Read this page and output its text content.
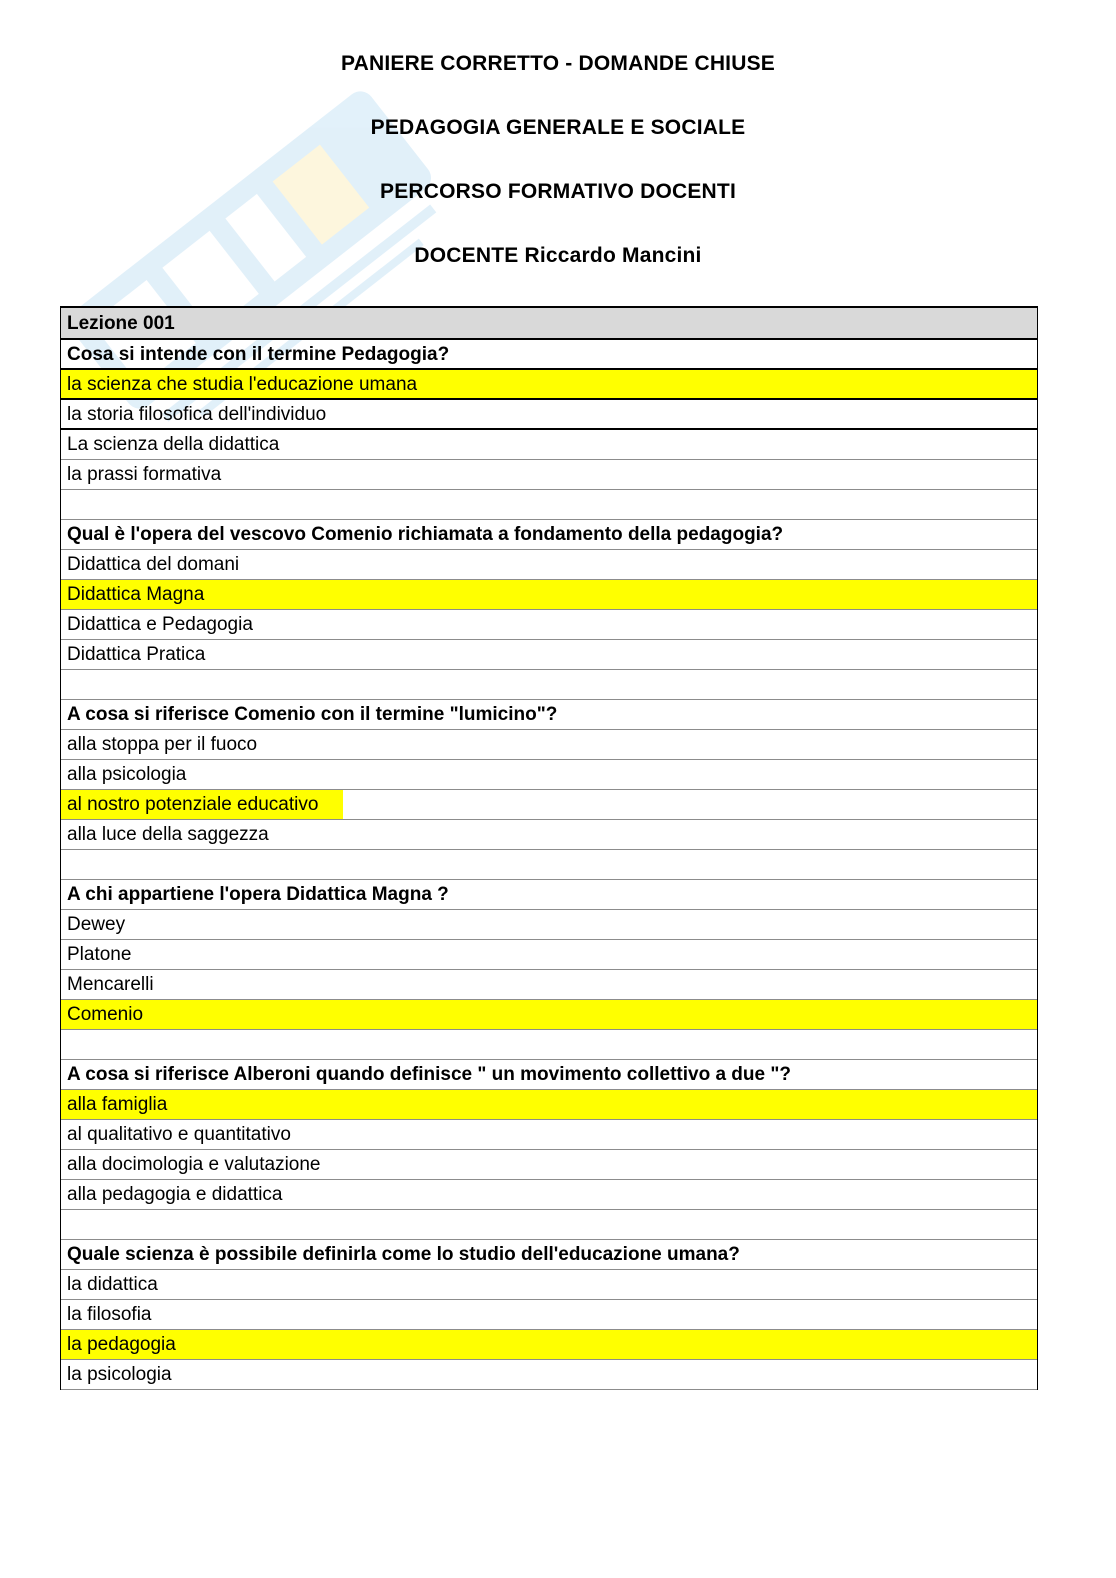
PANIERE CORRETTO - DOMANDE CHIUSE
PEDAGOGIA GENERALE E SOCIALE
PERCORSO FORMATIVO DOCENTI
DOCENTE Riccardo Mancini
Lezione 001
Cosa si intende con il termine Pedagogia?
la scienza che studia l'educazione umana
la storia filosofica dell'individuo
La scienza della didattica
la prassi formativa
Qual è l'opera del vescovo Comenio richiamata a fondamento della pedagogia?
Didattica del domani
Didattica Magna
Didattica e Pedagogia
Didattica Pratica
A cosa si riferisce Comenio con il termine "lumicino"?
alla stoppa per il fuoco
alla psicologia
al nostro potenziale educativo
alla luce della saggezza
A chi appartiene l'opera Didattica Magna ?
Dewey
Platone
Mencarelli
Comenio
A cosa si riferisce Alberoni quando definisce " un movimento collettivo a due "?
alla famiglia
al qualitativo e quantitativo
alla docimologia e valutazione
alla pedagogia e didattica
Quale scienza è possibile definirla come lo studio dell'educazione umana?
la didattica
la filosofia
la pedagogia
la psicologia
